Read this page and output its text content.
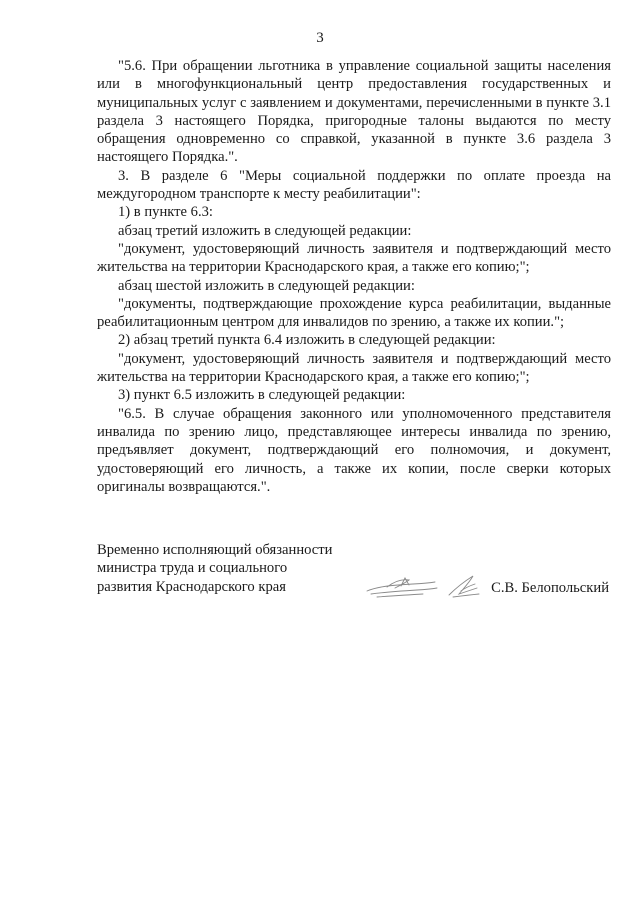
3

"5.6. При обращении льготника в управление социальной защиты населения или в многофункциональный центр предоставления государственных и муниципальных услуг с заявлением и документами, перечисленными в пункте 3.1 раздела 3 настоящего Порядка, пригородные талоны выдаются по месту обращения одновременно со справкой, указанной в пункте 3.6 раздела 3 настоящего Порядка.".

3. В разделе 6 "Меры социальной поддержки по оплате проезда на междугородном транспорте к месту реабилитации":

1) в пункте 6.3:

абзац третий изложить в следующей редакции:

"документ, удостоверяющий личность заявителя и подтверждающий место жительства на территории Краснодарского края, а также его копию;";

абзац шестой изложить в следующей редакции:

"документы, подтверждающие прохождение курса реабилитации, выданные реабилитационным центром для инвалидов по зрению, а также их копии.";

2) абзац третий пункта 6.4 изложить в следующей редакции:

"документ, удостоверяющий личность заявителя и подтверждающий место жительства на территории Краснодарского края, а также его копию;";

3) пункт 6.5 изложить в следующей редакции:

"6.5. В случае обращения законного или уполномоченного представителя инвалида по зрению лицо, представляющее интересы инвалида по зрению, предъявляет документ, подтверждающий его полномочия, и документ, удостоверяющий его личность, а также их копии, после сверки которых оригиналы возвращаются.".

Временно исполняющий обязанности
министра труда и социального
развития Краснодарского края	С.В. Белопольский
